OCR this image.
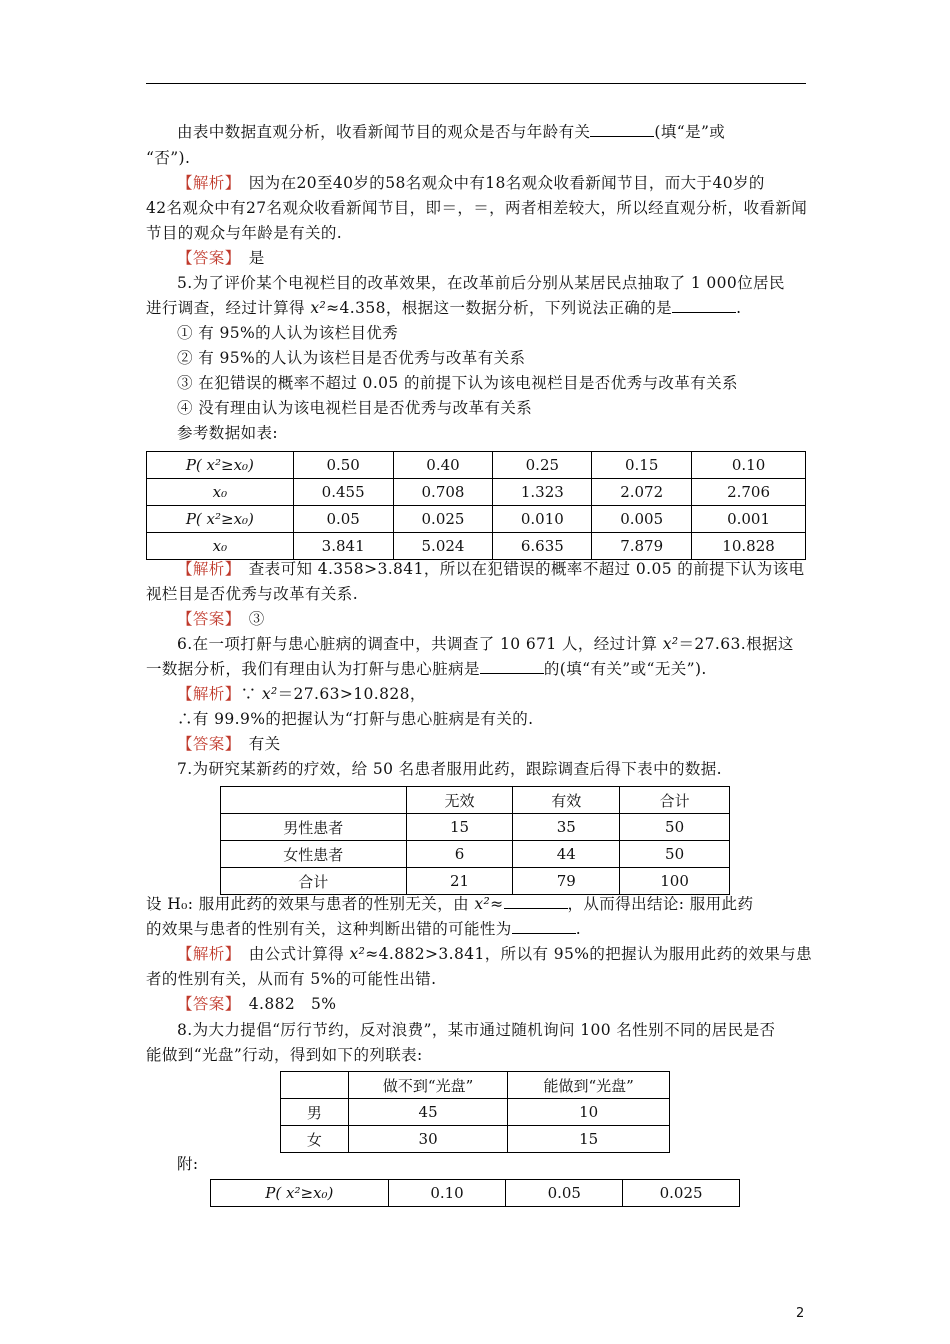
由表中数据直观分析，收看新闻节目的观众是否与年龄有关	(填“是”或
“否”).
【解析】　 因为在20至40岁的58名观众中有18名观众收看新闻节目，而大于40岁的
42名观众中有27名观众收看新闻节目，即＝，＝，两者相差较大，所以经直观分析，收看新闻
节目的观众与年龄是有关的.
【答案】　 是
5.为了评价某个电视栏目的改革效果，在改革前后分别从某居民点抽取了 1 000位居民
进行调查，经过计算得 x²≈4.358，根据这一数据分析，下列说法正确的是	.
① 有 95%的人认为该栏目优秀
② 有 95%的人认为该栏目是否优秀与改革有关系
③ 在犯错误的概率不超过 0.05 的前提下认为该电视栏目是否优秀与改革有关系
④ 没有理由认为该电视栏目是否优秀与改革有关系
参考数据如表:
P( x²≥x₀)	0.50	0.40	0.25	0.15	0.10
x₀	0.455	0.708	1.323	2.072	2.706
P( x²≥x₀)	0.05	0.025	0.010	0.005	0.001
x₀	3.841	5.024	6.635	7.879	10.828
【解析】　 查表可知 4.358>3.841，所以在犯错误的概率不超过 0.05 的前提下认为该电
视栏目是否优秀与改革有关系.
【答案】　 ③
6.在一项打鼾与患心脏病的调查中，共调查了 10 671 人，经过计算 x²＝27.63.根据这
一数据分析，我们有理由认为打鼾与患心脏病是	的(填“有关”或“无关”).
【解析】∵ x²＝27.63>10.828，
∴有 99.9%的把握认为“打鼾与患心脏病是有关的.
【答案】　 有关
7.为研究某新药的疗效，给 50 名患者服用此药，跟踪调查后得下表中的数据.
	无效	有效	合计
男性患者	15	35	50
女性患者	6	44	50
合计	21	79	100
设 H₀: 服用此药的效果与患者的性别无关，由 x²≈	，从而得出结论: 服用此药
的效果与患者的性别有关，这种判断出错的可能性为	.
【解析】　 由公式计算得 x²≈4.882>3.841，所以有 95%的把握认为服用此药的效果与患
者的性别有关，从而有 5%的可能性出错.
【答案】　 4.882　5%
8.为大力提倡“厉行节约，反对浪费”，某市通过随机询问 100 名性别不同的居民是否
能做到“光盘”行动，得到如下的列联表:
	做不到“光盘”	能做到“光盘”
男	45	10
女	30	15
附:
P( x²≥x₀)	0.10	0.05	0.025
2
